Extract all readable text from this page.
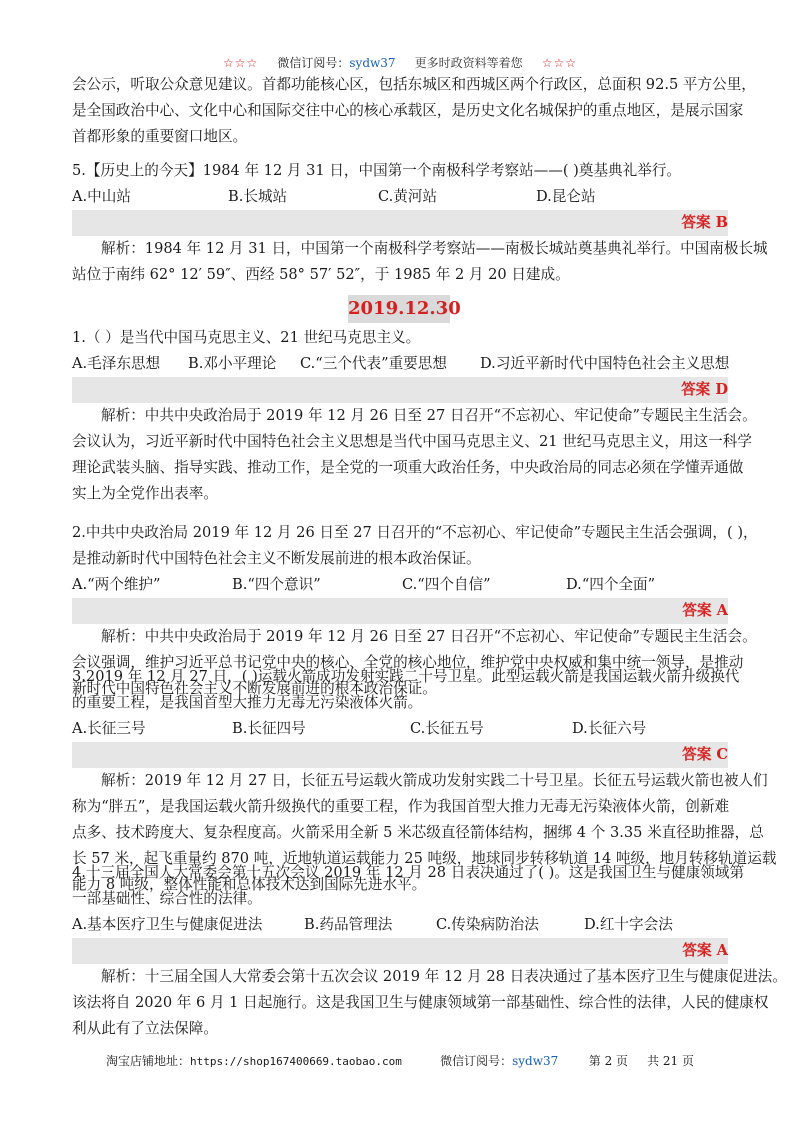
☆☆☆ 微信订阅号：sydw37 更多时政资料等着您 ☆☆☆
会公示，听取公众意见建议。首都功能核心区，包括东城区和西城区两个行政区，总面积 92.5 平方公里，
是全国政治中心、文化中心和国际交往中心的核心承载区，是历史文化名城保护的重点地区，是展示国家
首都形象的重要窗口地区。
5.【历史上的今天】1984 年 12 月 31 日，中国第一个南极科学考察站——( )奠基典礼举行。
A.中山站	B.长城站	C.黄河站	D.昆仑站
答案 B
解析：1984 年 12 月 31 日，中国第一个南极科学考察站——南极长城站奠基典礼举行。中国南极长城
站位于南纬 62° 12′ 59″、西经 58° 57′ 52″，于 1985 年 2 月 20 日建成。
2019.12.30
1.（ ）是当代中国马克思主义、21 世纪马克思主义。
A.毛泽东思想 B.邓小平理论 C.“三个代表”重要思想 D.习近平新时代中国特色社会主义思想
答案 D
解析：中共中央政治局于 2019 年 12 月 26 日至 27 日召开“不忘初心、牢记使命”专题民主生活会。
会议认为，习近平新时代中国特色社会主义思想是当代中国马克思主义、21 世纪马克思主义，用这一科学
理论武装头脑、指导实践、推动工作，是全党的一项重大政治任务，中央政治局的同志必须在学懂弄通做
实上为全党作出表率。
2.中共中央政治局 2019 年 12 月 26 日至 27 日召开的“不忘初心、牢记使命”专题民主生活会强调，( )，
是推动新时代中国特色社会主义不断发展前进的根本政治保证。
A.“两个维护”	B.“四个意识”	C.“四个自信”	D.“四个全面”
答案 A
解析：中共中央政治局于 2019 年 12 月 26 日至 27 日召开“不忘初心、牢记使命”专题民主生活会。
会议强调，维护习近平总书记党中央的核心、全党的核心地位，维护党中央权威和集中统一领导，是推动
新时代中国特色社会主义不断发展前进的根本政治保证。
3.2019 年 12 月 27 日，( )运载火箭成功发射实践二十号卫星。此型运载火箭是我国运载火箭升级换代
的重要工程，是我国首型大推力无毒无污染液体火箭。
A.长征三号	B.长征四号	C.长征五号	D.长征六号
答案 C
解析：2019 年 12 月 27 日，长征五号运载火箭成功发射实践二十号卫星。长征五号运载火箭也被人们
称为“胖五”，是我国运载火箭升级换代的重要工程，作为我国首型大推力无毒无污染液体火箭，创新难
点多、技术跨度大、复杂程度高。火箭采用全新 5 米芯级直径箭体结构，捆绑 4 个 3.35 米直径助推器，总
长 57 米，起飞重量约 870 吨，近地轨道运载能力 25 吨级，地球同步转移轨道 14 吨级，地月转移轨道运载
能力 8 吨级，整体性能和总体技术达到国际先进水平。
4.十三届全国人大常委会第十五次会议 2019 年 12 月 28 日表决通过了( )。这是我国卫生与健康领域第
一部基础性、综合性的法律。
A.基本医疗卫生与健康促进法	B.药品管理法	C.传染病防治法	D.红十字会法
答案 A
解析：十三届全国人大常委会第十五次会议 2019 年 12 月 28 日表决通过了基本医疗卫生与健康促进法。
该法将自 2020 年 6 月 1 日起施行。这是我国卫生与健康领域第一部基础性、综合性的法律，人民的健康权
利从此有了立法保障。
淘宝店铺地址：https://shop167400669.taobao.com	微信订阅号：sydw37	第 2 页 共 21 页
